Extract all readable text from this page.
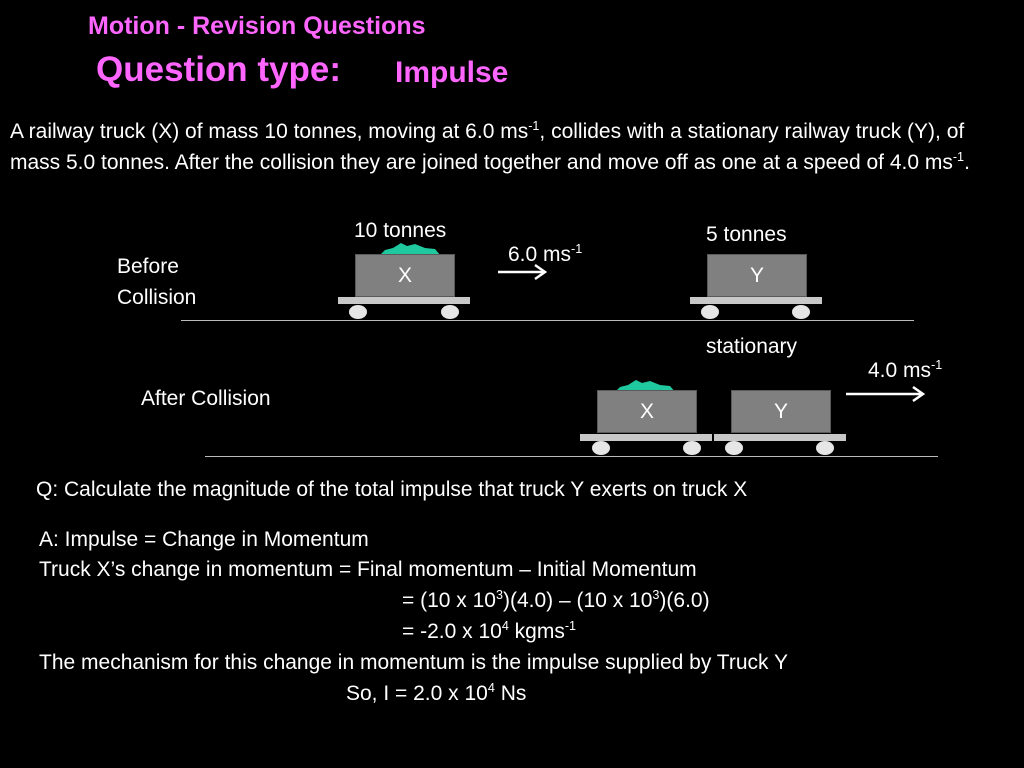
Motion - Revision Questions
Question type: Impulse
A railway truck (X) of mass 10 tonnes, moving at 6.0 $ms^{-1}$, collides with a stationary railway truck (Y), of mass 5.0 tonnes. After the collision they are joined together and move off as one at a speed of 4.0 $ms^{-1}$.
Before
Collision
10 tonnes	5 tonnes
X
6.0 $ms^{-1}$
Y
stationary
After Collision
4.0 $ms^{-1}$
X	Y
Q: Calculate the magnitude of the total impulse that truck Y exerts on truck X
A: Impulse = Change in Momentum
Truck X’s change in momentum = Final momentum – Initial Momentum
= (10 x $10^3)(4.0) - (10$ x $10^3)(6.0)$
= -2.0 x $10^4$ kgms$^{-1}$
The mechanism for this change in momentum is the impulse supplied by Truck Y
So, I = 2.0 x $10^4$ Ns
